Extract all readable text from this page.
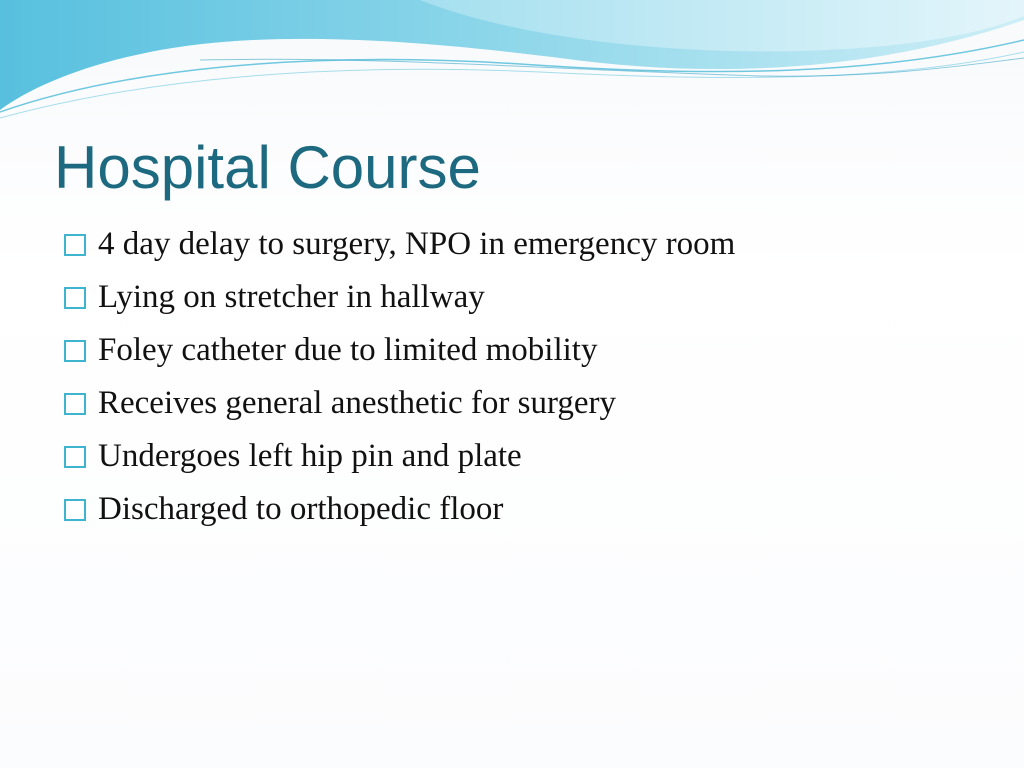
Hospital Course
4 day delay to surgery, NPO in emergency room
Lying on stretcher in hallway
Foley catheter due to limited mobility
Receives general anesthetic for surgery
Undergoes left hip pin and plate
Discharged to orthopedic floor
